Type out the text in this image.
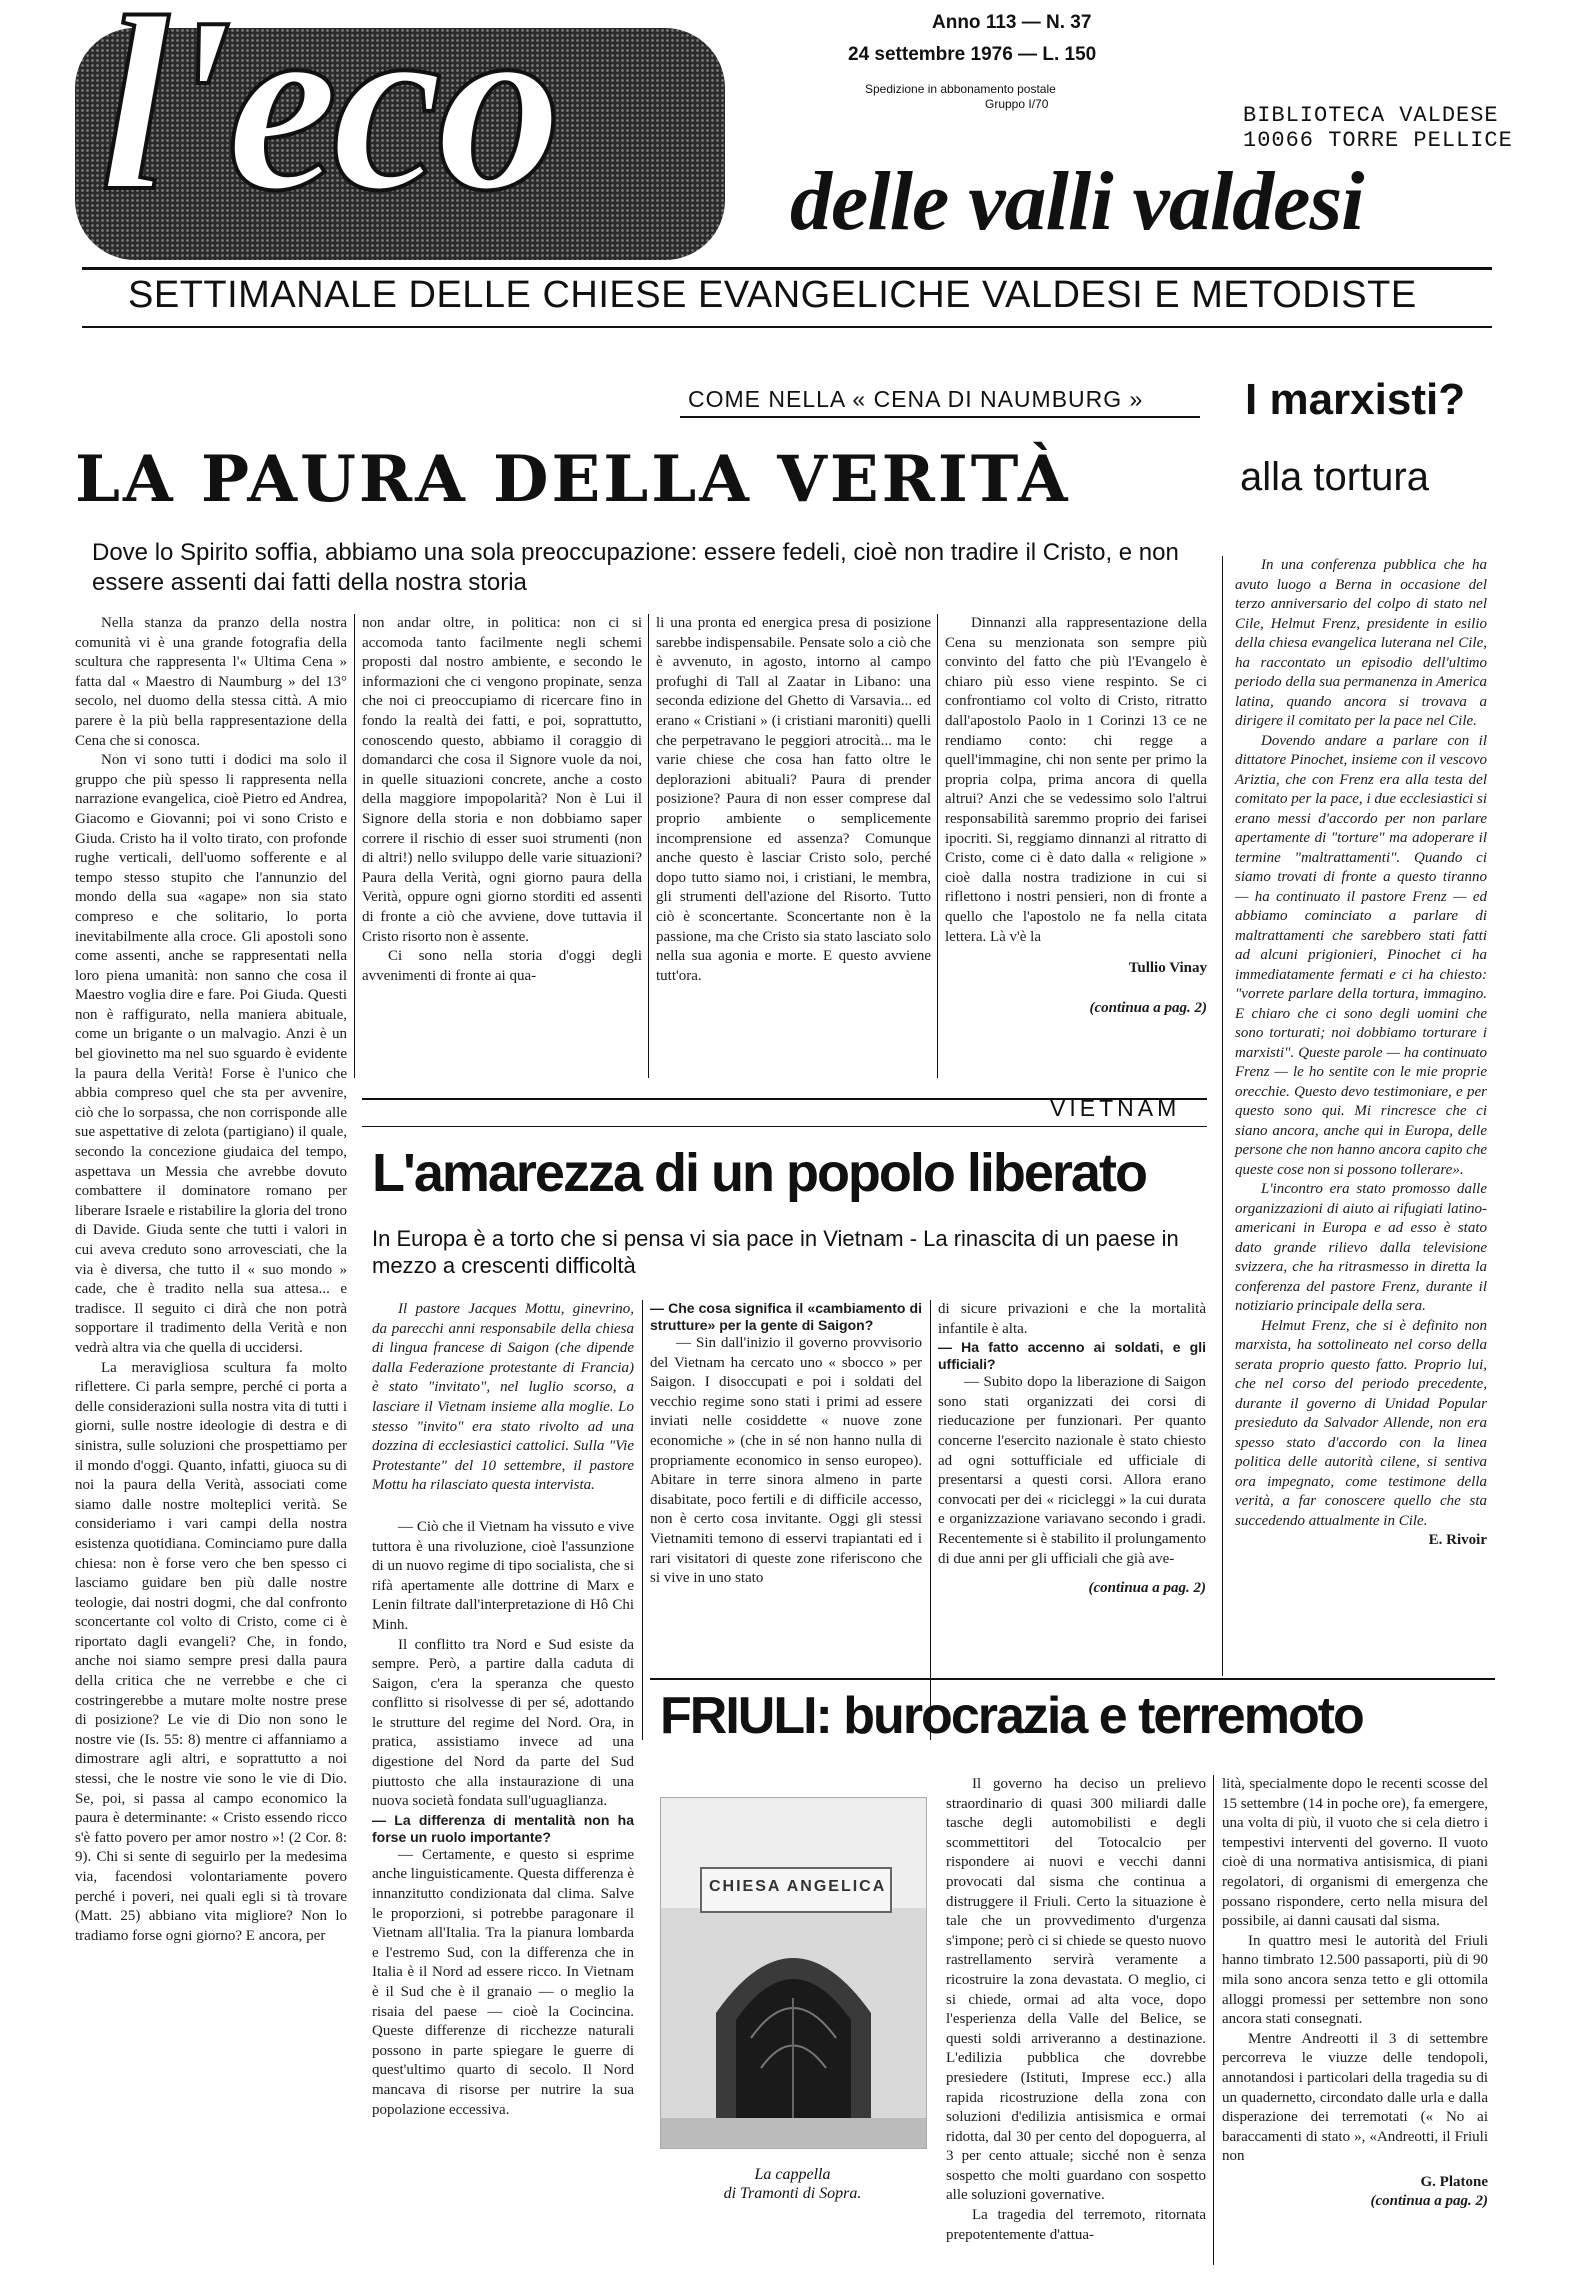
l'eco	Anno 113 — N. 37
24 settembre 1976 — L. 150
Spedizione in abbonamento postale
Gruppo I/70	BIBLIOTECA VALDESE
10066 TORRE PELLICE
delle valli valdesi
SETTIMANALE DELLE CHIESE EVANGELICHE VALDESI E METODISTE
COME NELLA « CENA DI NAUMBURG »
LA PAURA DELLA VERITÀ
Dove lo Spirito soffia, abbiamo una sola preoccupazione: essere fedeli, cioè non tradire il Cristo, e non essere assenti dai fatti della nostra storia

Nella stanza da pranzo della nostra comunità vi è una grande fotografia della scultura che rappresenta l'« Ultima Cena » fatta dal « Maestro di Naumburg » del 13° secolo, nel duomo della stessa città. A mio parere è la più bella rappresentazione della Cena che si conosca.

Non vi sono tutti i dodici ma solo il gruppo che più spesso li rappresenta nella narrazione evangelica, cioè Pietro ed Andrea, Giacomo e Giovanni; poi vi sono Cristo e Giuda. Cristo ha il volto tirato, con profonde rughe verticali, dell'uomo sofferente e al tempo stesso stupito che l'annunzio del mondo della sua «agape» non sia stato compreso e che solitario, lo porta inevitabilmente alla croce. Gli apostoli sono come assenti, anche se rappresentati nella loro piena umanità: non sanno che cosa il Maestro voglia dire e fare. Poi Giuda. Questi non è raffigurato, nella maniera abituale, come un brigante o un malvagio. Anzi è un bel giovinetto ma nel suo sguardo è evidente la paura della Verità! Forse è l'unico che abbia compreso quel che sta per avvenire, ciò che lo sorpassa, che non corrisponde alle sue aspettative di zelota (partigiano) il quale, secondo la concezione giudaica del tempo, aspettava un Messia che avrebbe dovuto combattere il dominatore romano per liberare Israele e ristabilire la gloria del trono di Davide. Giuda sente che tutti i valori in cui aveva creduto sono arrovesciati, che la via è diversa, che tutto il « suo mondo » cade, che è tradito nella sua attesa... e tradisce. Il seguito ci dirà che non potrà sopportare il tradimento della Verità e non vedrà altra via che quella di uccidersi.

La meravigliosa scultura fa molto riflettere. Ci parla sempre, perché ci porta a delle considerazioni sulla nostra vita di tutti i giorni, sulle nostre ideologie di destra e di sinistra, sulle soluzioni che prospettiamo per il mondo d'oggi. Quanto, infatti, giuoca su di noi la paura della Verità, associati come siamo dalle nostre molteplici verità. Se consideriamo i vari campi della nostra esistenza quotidiana. Cominciamo pure dalla chiesa: non è forse vero che ben spesso ci lasciamo guidare ben più dalle nostre teologie, dai nostri dogmi, che dal confronto sconcertante col volto di Cristo, come ci è riportato dagli evangeli? Che, in fondo, anche noi siamo sempre presi dalla paura della critica che ne verrebbe e che ci costringerebbe a mutare molte nostre prese di posizione? Le vie di Dio non sono le nostre vie (Is. 55: 8) mentre ci affanniamo a dimostrare agli altri, e soprattutto a noi stessi, che le nostre vie sono le vie di Dio. Se, poi, si passa al campo economico la paura è determinante: « Cristo essendo ricco s'è fatto povero per amor nostro »! (2 Cor. 8: 9). Chi si sente di seguirlo per la medesima via, facendosi volontariamente povero perché i poveri, nei quali egli si tà trovare (Matt. 25) abbiano vita migliore? Non lo tradiamo forse ogni giorno? E ancora, per

non andar oltre, in politica: non ci si accomoda tanto facilmente negli schemi proposti dal nostro ambiente, e secondo le informazioni che ci vengono propinate, senza che noi ci preoccupiamo di ricercare fino in fondo la realtà dei fatti, e poi, soprattutto, conoscendo questo, abbiamo il coraggio di domandarci che cosa il Signore vuole da noi, in quelle situazioni concrete, anche a costo della maggiore impopolarità? Non è Lui il Signore della storia e non dobbiamo saper correre il rischio di esser suoi strumenti (non di altri!) nello sviluppo delle varie situazioni? Paura della Verità, ogni giorno paura della Verità, oppure ogni giorno storditi ed assenti di fronte a ciò che avviene, dove tuttavia il Cristo risorto non è assente.

Ci sono nella storia d'oggi degli avvenimenti di fronte ai qua-

li una pronta ed energica presa di posizione sarebbe indispensabile. Pensate solo a ciò che è avvenuto, in agosto, intorno al campo profughi di Tall al Zaatar in Libano: una seconda edizione del Ghetto di Varsavia... ed erano « Cristiani » (i cristiani maroniti) quelli che perpetravano le peggiori atrocità... ma le varie chiese che cosa han fatto oltre le deplorazioni abituali? Paura di prender posizione? Paura di non esser comprese dal proprio ambiente o semplicemente incomprensione ed assenza? Comunque anche questo è lasciar Cristo solo, perché dopo tutto siamo noi, i cristiani, le membra, gli strumenti dell'azione del Risorto. Tutto ciò è sconcertante. Sconcertante non è la passione, ma che Cristo sia stato lasciato solo nella sua agonia e morte. E questo avviene tutt'ora.

Dinnanzi alla rappresentazione della Cena su menzionata son sempre più convinto del fatto che più l'Evangelo è chiaro più esso viene respinto. Se ci confrontiamo col volto di Cristo, ritratto dall'apostolo Paolo in 1 Corinzi 13 ce ne rendiamo conto: chi regge a quell'immagine, chi non sente per primo la propria colpa, prima ancora di quella altrui? Anzi che se vedessimo solo l'altrui responsabilità saremmo proprio dei farisei ipocriti. Si, reggiamo dinnanzi al ritratto di Cristo, come ci è dato dalla « religione » cioè dalla nostra tradizione in cui si riflettono i nostri pensieri, non di fronte a quello che l'apostolo ne fa nella citata lettera. Là v'è la

Tullio Vinay

(continua a pag. 2)

I marxisti?
alla tortura

In una conferenza pubblica che ha avuto luogo a Berna in occasione del terzo anniversario del colpo di stato nel Cile, Helmut Frenz, presidente in esilio della chiesa evangelica luterana nel Cile, ha raccontato un episodio dell'ultimo periodo della sua permanenza in America latina, quando ancora si trovava a dirigere il comitato per la pace nel Cile.

Dovendo andare a parlare con il dittatore Pinochet, insieme con il vescovo Ariztia, che con Frenz era alla testa del comitato per la pace, i due ecclesiastici si erano messi d'accordo per non parlare apertamente di "torture" ma adoperare il termine "maltrattamenti". Quando ci siamo trovati di fronte a questo tiranno — ha continuato il pastore Frenz — ed abbiamo cominciato a parlare di maltrattamenti che sarebbero stati fatti ad alcuni prigionieri, Pinochet ci ha immediatamente fermati e ci ha chiesto: "vorrete parlare della tortura, immagino. E chiaro che ci sono degli uomini che sono torturati; noi dobbiamo torturare i marxisti". Queste parole — ha continuato Frenz — le ho sentite con le mie proprie orecchie. Questo devo testimoniare, e per questo sono qui. Mi rincresce che ci siano ancora, anche qui in Europa, delle persone che non hanno ancora capito che queste cose non si possono tollerare».

L'incontro era stato promosso dalle organizzazioni di aiuto ai rifugiati latino-americani in Europa e ad esso è stato dato grande rilievo dalla televisione svizzera, che ha ritrasmesso in diretta la conferenza del pastore Frenz, durante il notiziario principale della sera.

Helmut Frenz, che si è definito non marxista, ha sottolineato nel corso della serata proprio questo fatto. Proprio lui, che nel corso del periodo precedente, durante il governo di Unidad Popular presieduto da Salvador Allende, non era spesso stato d'accordo con la linea politica delle autorità cilene, si sentiva ora impegnato, come testimone della verità, a far conoscere quello che sta succedendo attualmente in Cile.

E. Rivoir

VIETNAM
L'amarezza di un popolo liberato
In Europa è a torto che si pensa vi sia pace in Vietnam - La rinascita di un paese in mezzo a crescenti difficoltà

Il pastore Jacques Mottu, ginevrino, da parecchi anni responsabile della chiesa di lingua francese di Saigon (che dipende dalla Federazione protestante di Francia) è stato "invitato", nel luglio scorso, a lasciare il Vietnam insieme alla moglie. Lo stesso "invito" era stato rivolto ad una dozzina di ecclesiastici cattolici. Sulla "Vie Protestante" del 10 settembre, il pastore Mottu ha rilasciato questa intervista.

— Ciò che il Vietnam ha vissuto e vive tuttora è una rivoluzione, cioè l'assunzione di un nuovo regime di tipo socialista, che si rifà apertamente alle dottrine di Marx e Lenin filtrate dall'interpretazione di Hô Chi Minh.

Il conflitto tra Nord e Sud esiste da sempre. Però, a partire dalla caduta di Saigon, c'era la speranza che questo conflitto si risolvesse di per sé, adottando le strutture del regime del Nord. Ora, in pratica, assistiamo invece ad una digestione del Nord da parte del Sud piuttosto che alla instaurazione di una nuova società fondata sull'uguaglianza.

— La differenza di mentalità non ha forse un ruolo importante?

— Certamente, e questo si esprime anche linguisticamente. Questa differenza è innanzitutto condizionata dal clima. Salve le proporzioni, si potrebbe paragonare il Vietnam all'Italia. Tra la pianura lombarda e l'estremo Sud, con la differenza che in Italia è il Nord ad essere ricco. In Vietnam è il Sud che è il granaio — o meglio la risaia del paese — cioè la Cocincina. Queste differenze di ricchezze naturali possono in parte spiegare le guerre di quest'ultimo quarto di secolo. Il Nord mancava di risorse per nutrire la sua popolazione eccessiva.

— Che cosa significa il «cambiamento di strutture» per la gente di Saigon?

— Sin dall'inizio il governo provvisorio del Vietnam ha cercato uno « sbocco » per Saigon. I disoccupati e poi i soldati del vecchio regime sono stati i primi ad essere inviati nelle cosiddette « nuove zone economiche » (che in sé non hanno nulla di propriamente economico in senso europeo). Abitare in terre sinora almeno in parte disabitate, poco fertili e di difficile accesso, non è certo cosa invitante. Oggi gli stessi Vietnamiti temono di esservi trapiantati ed i rari visitatori di queste zone riferiscono che si vive in uno stato

di sicure privazioni e che la mortalità infantile è alta.

— Ha fatto accenno ai soldati, e gli ufficiali?

— Subito dopo la liberazione di Saigon sono stati organizzati dei corsi di rieducazione per funzionari. Per quanto concerne l'esercito nazionale è stato chiesto ad ogni sottufficiale ed ufficiale di presentarsi a questi corsi. Allora erano convocati per dei « ricicleggi » la cui durata e organizzazione variavano secondo i gradi. Recentemente si è stabilito il prolungamento di due anni per gli ufficiali che già ave-

(continua a pag. 2)

FRIULI: burocrazia e terremoto
CHIESA ANGELICA
La cappella
di Tramonti di Sopra.

Il governo ha deciso un prelievo straordinario di quasi 300 miliardi dalle tasche degli automobilisti e degli scommettitori del Totocalcio per rispondere ai nuovi e vecchi danni provocati dal sisma che continua a distruggere il Friuli. Certo la situazione è tale che un provvedimento d'urgenza s'impone; però ci si chiede se questo nuovo rastrellamento servirà veramente a ricostruire la zona devastata. O meglio, ci si chiede, ormai ad alta voce, dopo l'esperienza della Valle del Belice, se questi soldi arriveranno a destinazione. L'edilizia pubblica che dovrebbe presiedere (Istituti, Imprese ecc.) alla rapida ricostruzione della zona con soluzioni d'edilizia antisismica e ormai ridotta, dal 30 per cento del dopoguerra, al 3 per cento attuale; sicché non è senza sospetto che molti guardano con sospetto alle soluzioni governative.

La tragedia del terremoto, ritornata prepotentemente d'attua-

lità, specialmente dopo le recenti scosse del 15 settembre (14 in poche ore), fa emergere, una volta di più, il vuoto che si cela dietro i tempestivi interventi del governo. Il vuoto cioè di una normativa antisismica, di piani regolatori, di organismi di emergenza che possano rispondere, certo nella misura del possibile, ai danni causati dal sisma.

In quattro mesi le autorità del Friuli hanno timbrato 12.500 passaporti, più di 90 mila sono ancora senza tetto e gli ottomila alloggi promessi per settembre non sono ancora stati consegnati.

Mentre Andreotti il 3 di settembre percorreva le viuzze delle tendopoli, annotandosi i particolari della tragedia su di un quadernetto, circondato dalle urla e dalla disperazione dei terremotati (« No ai baraccamenti di stato », «Andreotti, il Friuli non

G. Platone

(continua a pag. 2)
